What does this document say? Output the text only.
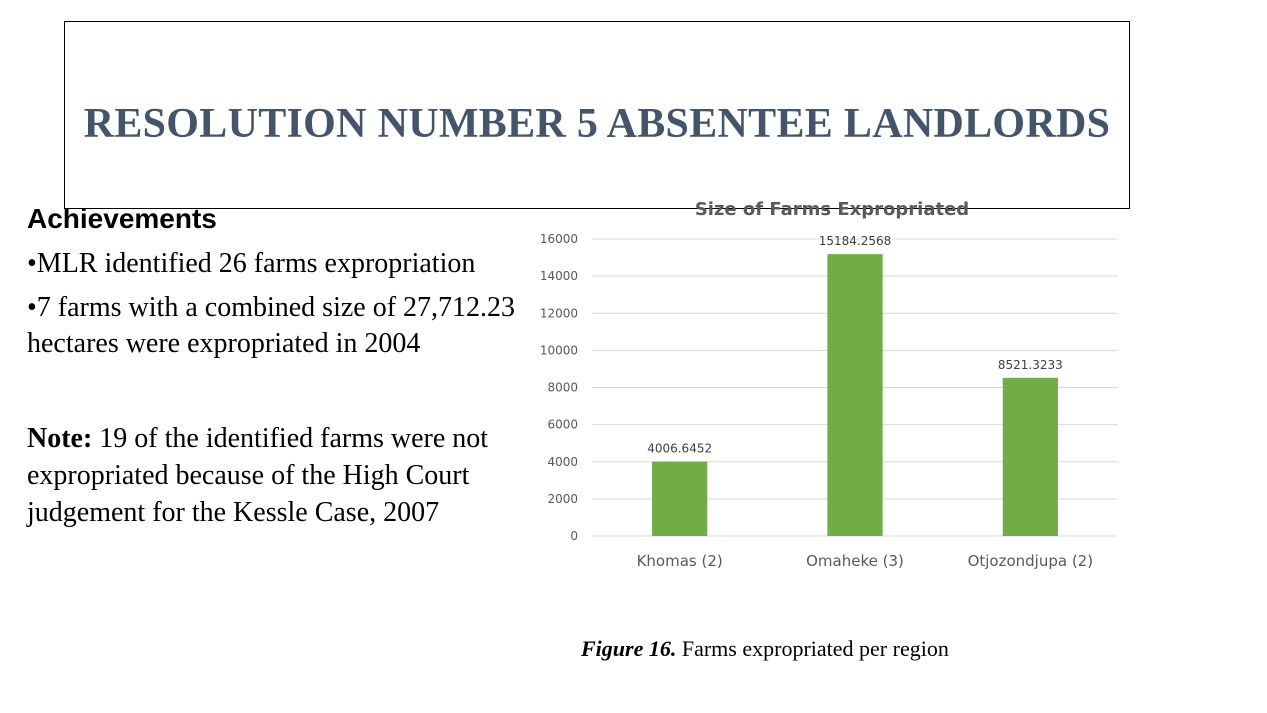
RESOLUTION NUMBER 5 ABSENTEE LANDLORDS

Achievements

•MLR identified 26 farms expropriation

•7 farms with a combined size of 27,712.23 hectares were expropriated in 2004

Note: 19 of the identified farms were not expropriated because of the High Court judgement for the Kessle Case, 2007

Size of Farms Expropriated
0
2000
4000
6000
8000
10000
12000
14000
16000
4006.6452
15184.2568
8521.3233
Khomas (2)	Omaheke (3)	Otjozondjupa (2)
Figure 16. Farms expropriated per region
